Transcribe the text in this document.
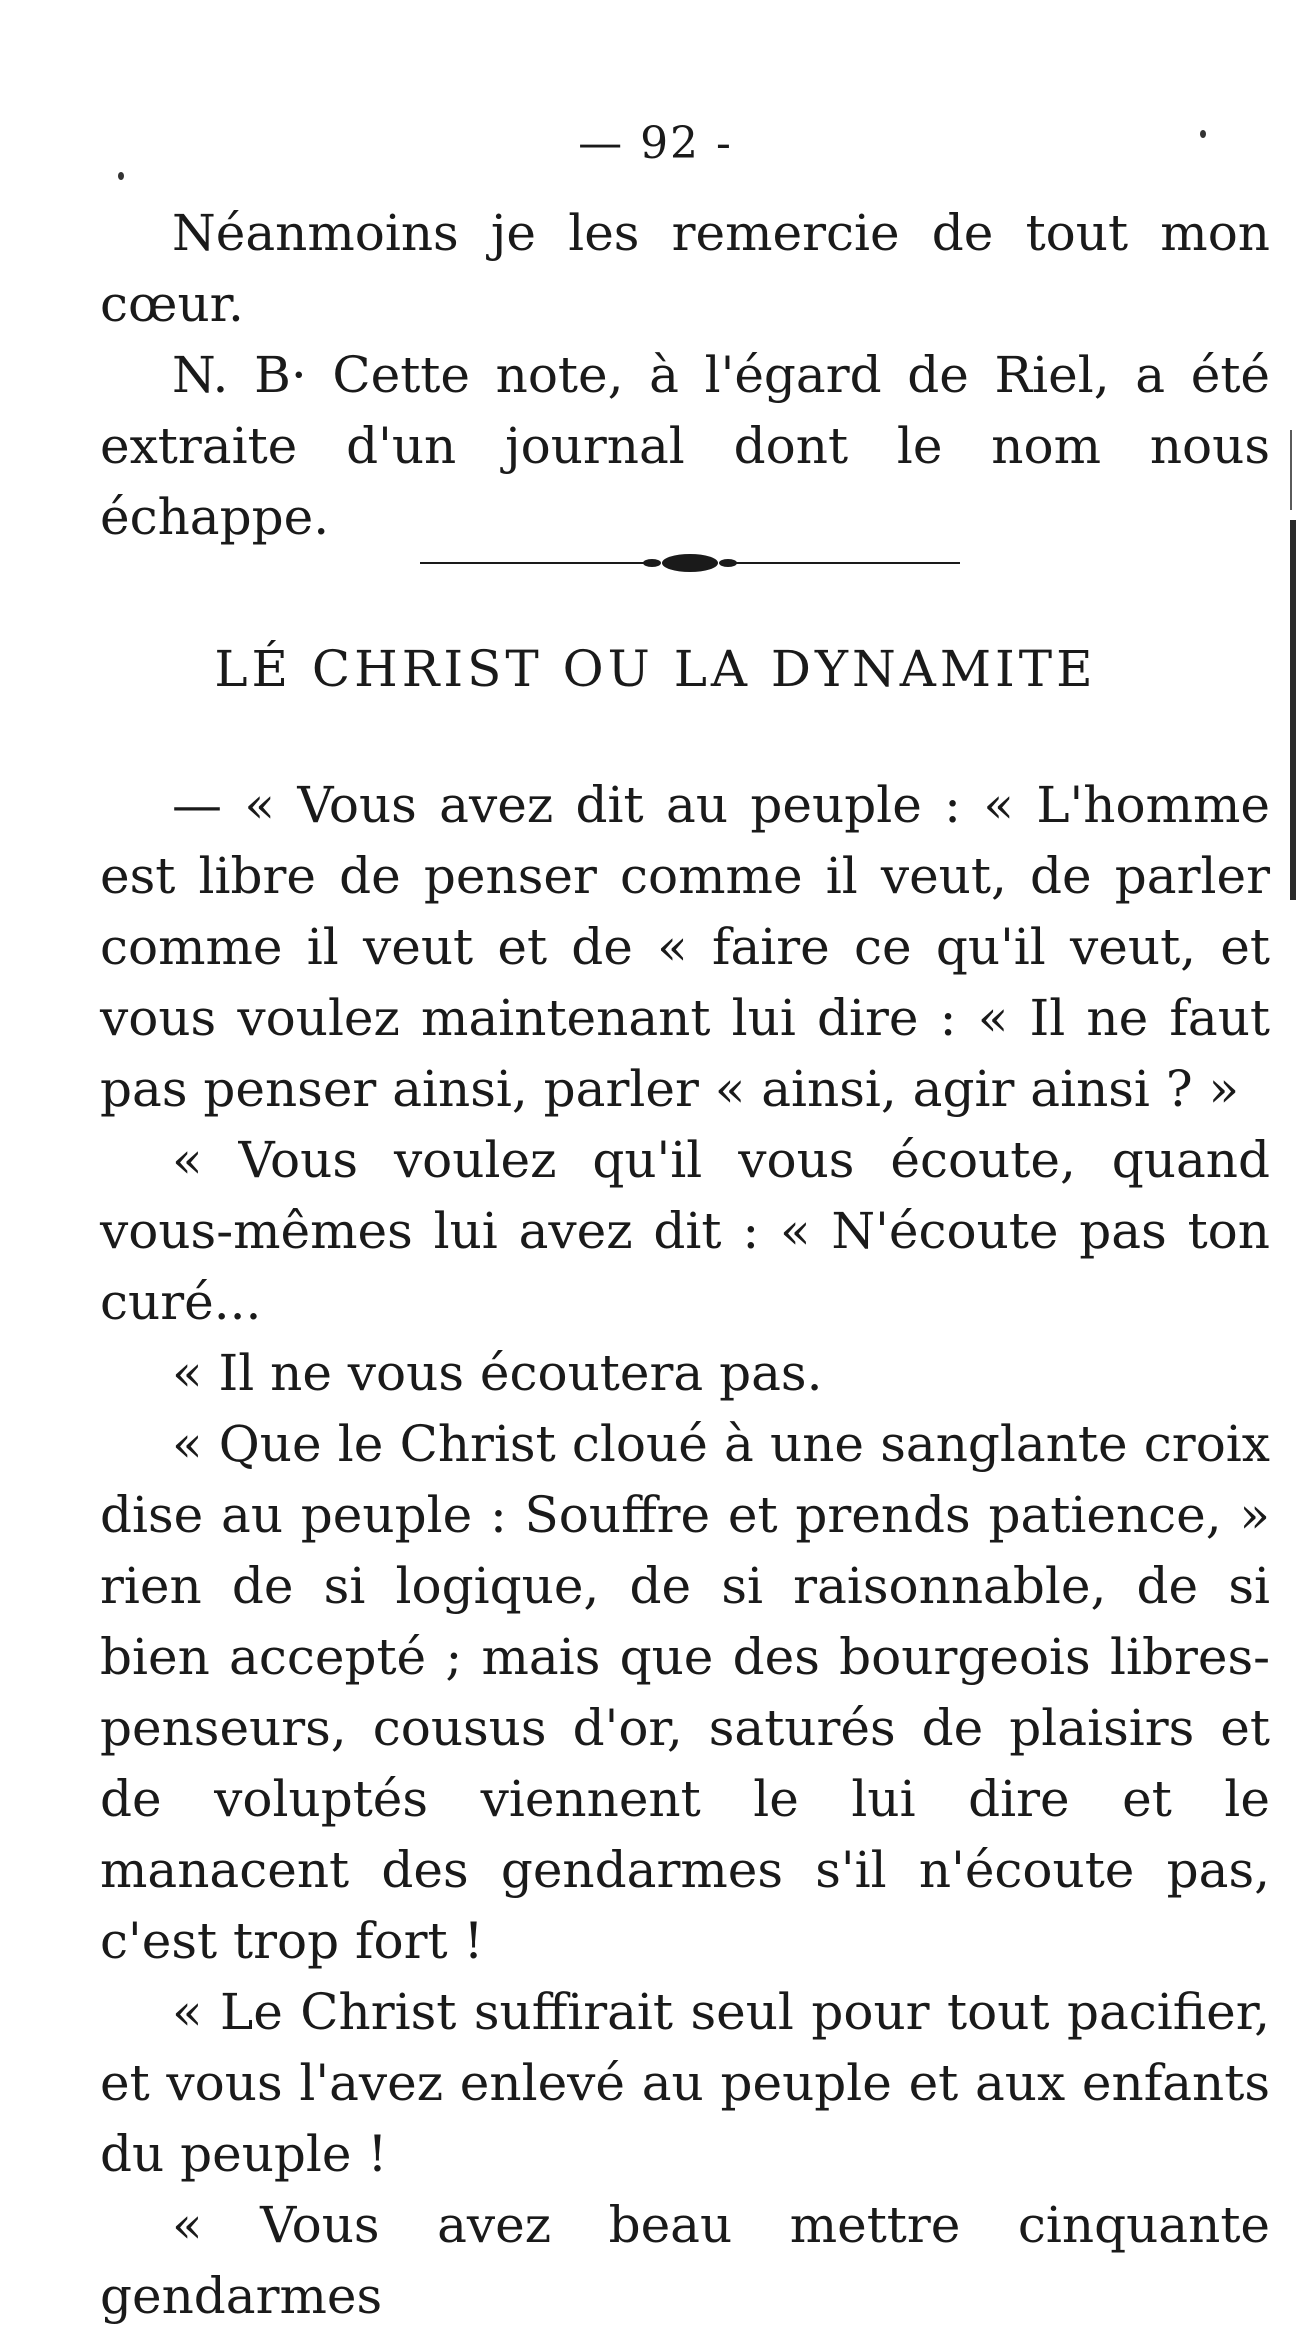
— 92 -

Néanmoins je les remercie de tout mon cœur.

N. B· Cette note, à l'égard de Riel, a été extraite d'un journal dont le nom nous échappe.

LÉ CHRIST OU LA DYNAMITE

— « Vous avez dit au peuple : « L'homme est libre de penser comme il veut, de parler comme il veut et de « faire ce qu'il veut, et vous voulez maintenant lui dire : « Il ne faut pas penser ainsi, parler « ainsi, agir ainsi ? »

« Vous voulez qu'il vous écoute, quand vous-mêmes lui avez dit : « N'écoute pas ton curé...

« Il ne vous écoutera pas.

« Que le Christ cloué à une sanglante croix dise au peuple : Souffre et prends patience, » rien de si logique, de si raisonnable, de si bien accepté ; mais que des bourgeois libres-penseurs, cousus d'or, saturés de plaisirs et de voluptés viennent le lui dire et le manacent des gendarmes s'il n'écoute pas, c'est trop fort !

« Le Christ suffirait seul pour tout pacifier, et vous l'avez enlevé au peuple et aux enfants du peuple !

« Vous avez beau mettre cinquante gendarmes
